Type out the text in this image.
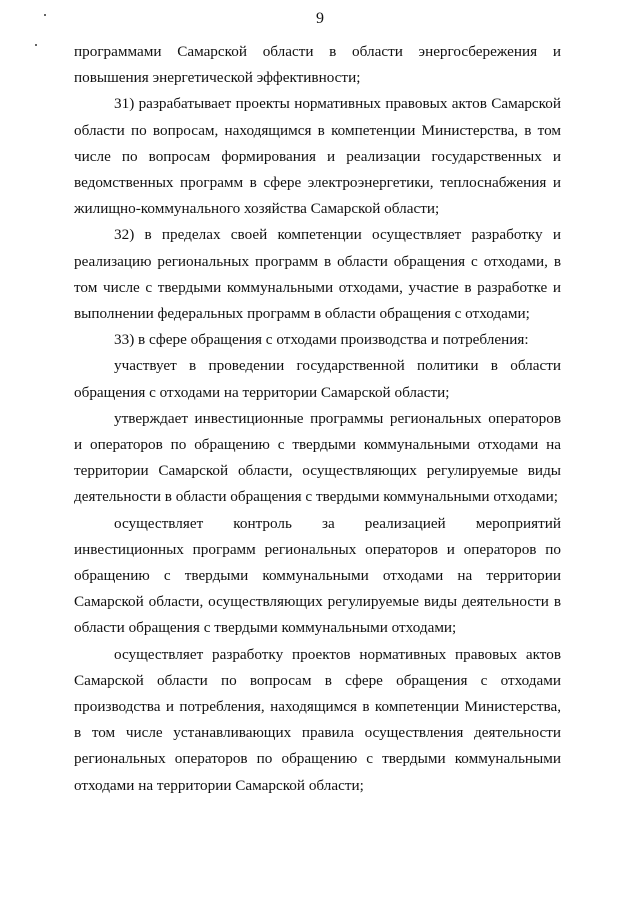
9

программами Самарской области в области энергосбережения и повышения энергетической эффективности;

31) разрабатывает проекты нормативных правовых актов Самарской области по вопросам, находящимся в компетенции Министерства, в том числе по вопросам формирования и реализации государственных и ведомственных программ в сфере электроэнергетики, теплоснабжения и жилищно-коммунального хозяйства Самарской области;

32) в пределах своей компетенции осуществляет разработку и реализацию региональных программ в области обращения с отходами, в том числе с твердыми коммунальными отходами, участие в разработке и выполнении федеральных программ в области обращения с отходами;

33) в сфере обращения с отходами производства и потребления:

участвует в проведении государственной политики в области обращения с отходами на территории Самарской области;

утверждает инвестиционные программы региональных операторов и операторов по обращению с твердыми коммунальными отходами на территории Самарской области, осуществляющих регулируемые виды деятельности в области обращения с твердыми коммунальными отходами;

осуществляет контроль за реализацией мероприятий инвестиционных программ региональных операторов и операторов по обращению с твердыми коммунальными отходами на территории Самарской области, осуществляющих регулируемые виды деятельности в области обращения с твердыми коммунальными отходами;

осуществляет разработку проектов нормативных правовых актов Самарской области по вопросам в сфере обращения с отходами производства и потребления, находящимся в компетенции Министерства, в том числе устанавливающих правила осуществления деятельности региональных операторов по обращению с твердыми коммунальными отходами на территории Самарской области;
